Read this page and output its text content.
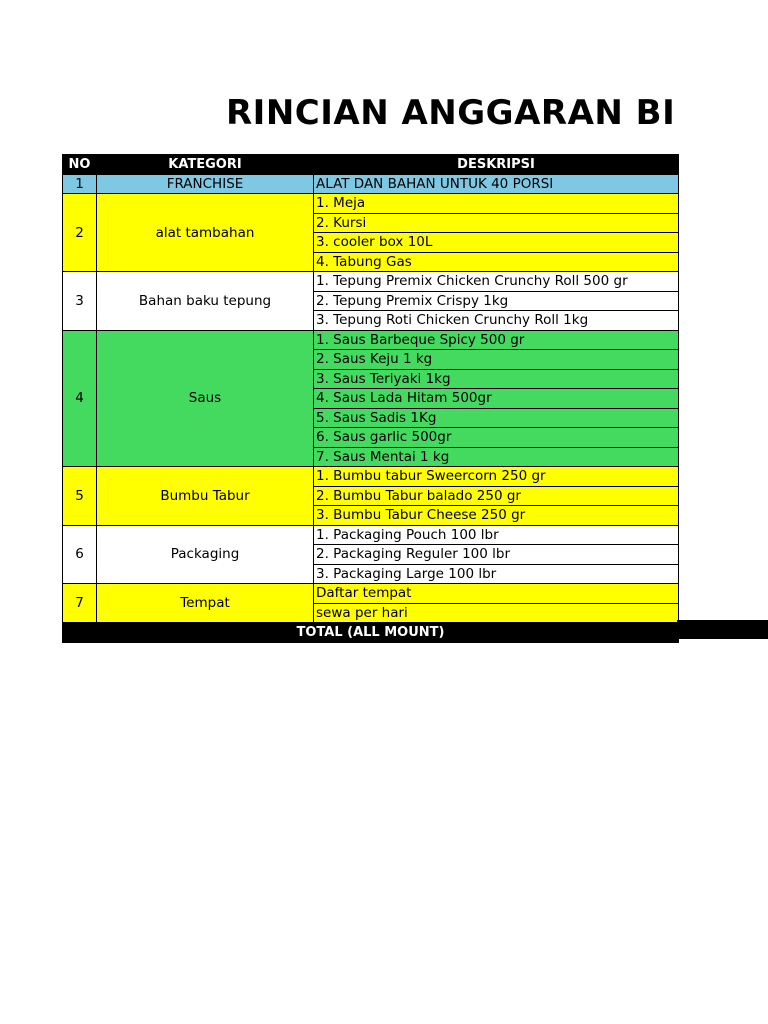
RINCIAN ANGGARAN BI
NO	KATEGORI	DESKRIPSI
1	FRANCHISE	ALAT DAN BAHAN UNTUK 40 PORSI
2	alat tambahan	1. Meja
		2. Kursi
		3. cooler box 10L
		4. Tabung Gas
3	Bahan baku tepung	1. Tepung Premix Chicken Crunchy Roll 500 gr
		2. Tepung Premix Crispy 1kg
		3. Tepung Roti Chicken Crunchy Roll 1kg
4	Saus	1. Saus Barbeque Spicy 500 gr
		2. Saus Keju 1 kg
		3. Saus Teriyaki 1kg
		4. Saus Lada Hitam 500gr
		5. Saus Sadis 1Kg
		6. Saus garlic 500gr
		7. Saus Mentai 1 kg
5	Bumbu Tabur	1. Bumbu tabur Sweercorn 250 gr
		2. Bumbu Tabur balado 250 gr
		3. Bumbu Tabur Cheese 250 gr
6	Packaging	1. Packaging Pouch 100 lbr
		2. Packaging Reguler 100 lbr
		3. Packaging Large 100 lbr
7	Tempat	Daftar tempat
		sewa per hari
TOTAL (ALL MOUNT)		
